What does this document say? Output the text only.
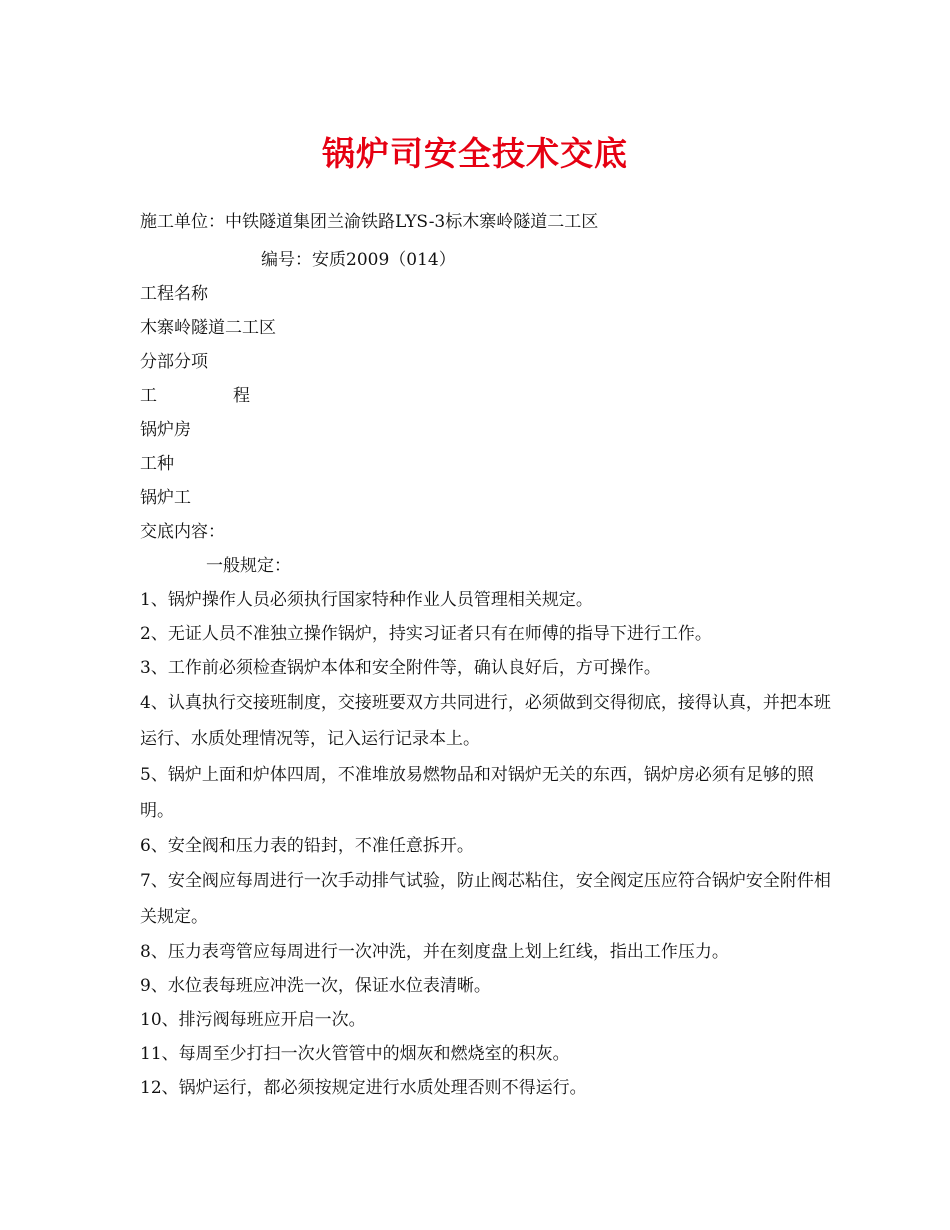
锅炉司安全技术交底
施工单位：中铁隧道集团兰渝铁路LYS-3标木寨岭隧道二工区
编号：安质2009（014）
工程名称
木寨岭隧道二工区
分部分项
工	程
锅炉房
工种
锅炉工
交底内容：
一般规定：
1、锅炉操作人员必须执行国家特种作业人员管理相关规定。
2、无证人员不准独立操作锅炉，持实习证者只有在师傅的指导下进行工作。
3、工作前必须检查锅炉本体和安全附件等，确认良好后，方可操作。
4、认真执行交接班制度，交接班要双方共同进行，必须做到交得彻底，接得认真，并把本班运行、水质处理情况等，记入运行记录本上。
5、锅炉上面和炉体四周，不准堆放易燃物品和对锅炉无关的东西，锅炉房必须有足够的照明。
6、安全阀和压力表的铅封，不准任意拆开。
7、安全阀应每周进行一次手动排气试验，防止阀芯粘住，安全阀定压应符合锅炉安全附件相关规定。
8、压力表弯管应每周进行一次冲洗，并在刻度盘上划上红线，指出工作压力。
9、水位表每班应冲洗一次，保证水位表清晰。
10、排污阀每班应开启一次。
11、每周至少打扫一次火管管中的烟灰和燃烧室的积灰。
12、锅炉运行，都必须按规定进行水质处理否则不得运行。
